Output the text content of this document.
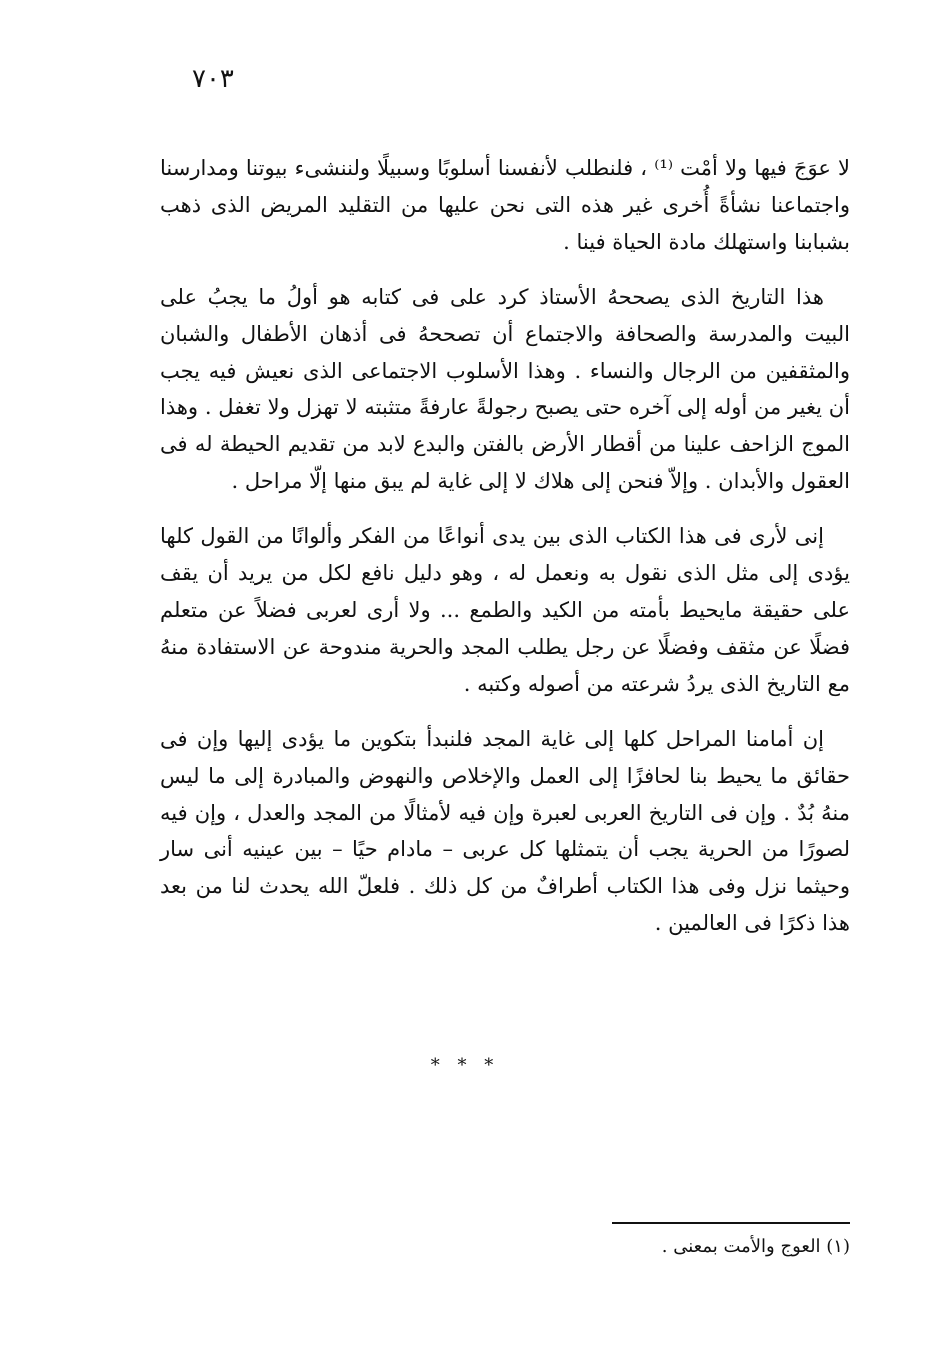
٧٠٣

لا عوَجَ فيها ولا أمْت ⁽¹⁾ ، فلنطلب لأنفسنا أسلوبًا وسبيلًا ولننشىء بيوتنا ومدارسنا واجتماعنا نشأةً أُخرى غير هذه التى نحن عليها من التقليد المريض الذى ذهب بشبابنا واستهلك مادة الحياة فينا .

هذا التاريخ الذى يصححهُ الأستاذ كرد على فى كتابه هو أولُ ما يجبُ على البيت والمدرسة والصحافة والاجتماع أن تصححهُ فى أذهان الأطفال والشبان والمثقفين من الرجال والنساء . وهذا الأسلوب الاجتماعى الذى نعيش فيه يجب أن يغير من أوله إلى آخره حتى يصبح رجولةً عارفةً متثبته لا تهزل ولا تغفل . وهذا الموج الزاحف علينا من أقطار الأرض بالفتن والبدع لابد من تقديم الحيطة له فى العقول والأبدان . وإلاّ فنحن إلى هلاك لا إلى غاية لم يبق منها إلّا مراحل .

إنى لأرى فى هذا الكتاب الذى بين يدى أنواعًا من الفكر وألوانًا من القول كلها يؤدى إلى مثل الذى نقول به ونعمل له ، وهو دليل نافع لكل من يريد أن يقف على حقيقة مايحيط بأمته من الكيد والطمع ... ولا أرى لعربى فضلاً عن متعلم فضلًا عن مثقف وفضلًا عن رجل يطلب المجد والحرية مندوحة عن الاستفادة منهُ مع التاريخ الذى يردُ شرعته من أصوله وكتبه .

إن أمامنا المراحل كلها إلى غاية المجد فلنبدأ بتكوين ما يؤدى إليها وإن فى حقائق ما يحيط بنا لحافزًا إلى العمل والإخلاص والنهوض والمبادرة إلى ما ليس منهُ بُدٌ . وإن فى التاريخ العربى لعبرة وإن فيه لأمثالًا من المجد والعدل ، وإن فيه لصورًا من الحرية يجب أن يتمثلها كل عربى – مادام حيًا – بين عينيه أنى سار وحيثما نزل وفى هذا الكتاب أطرافٌ من كل ذلك . فلعلّ الله يحدث لنا من بعد هذا ذكرًا فى العالمين .

* * *
(١) العوج والأمت بمعنى .
